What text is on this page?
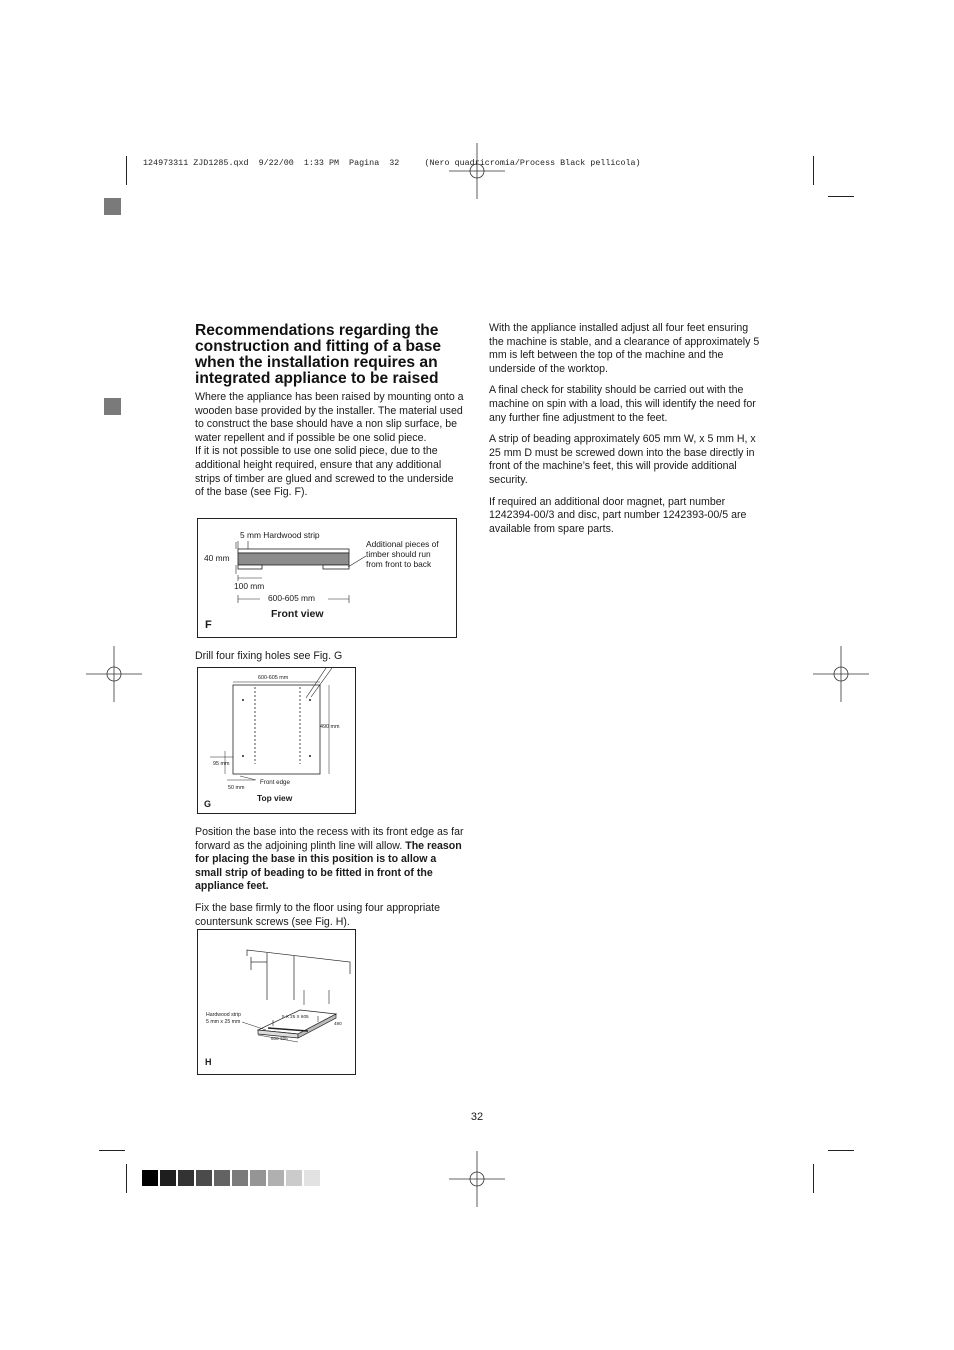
124973311 ZJD1285.qxd  9/22/00  1:33 PM  Pagina  32     (Nero quadricromia/Process Black pellicola)
Recommendations regarding the construction and fitting of a base when the installation requires an integrated appliance to be raised
Where the appliance has been raised by mounting onto a wooden base provided by the installer. The material used to construct the base should have a non slip surface, be water repellent and if possible be one solid piece.
If it is not possible to use one solid piece, due to the additional height required, ensure that any additional strips of timber are glued and screwed to the underside of the base (see Fig. F).
5 mm Hardwood strip
40 mm
100 mm
600-605 mm
Additional pieces of
timber should run
from front to back
Front view
F
Drill four fixing holes see Fig. G
600-605 mm
490 mm
95 mm
50 mm
Front edge
Top view
G

Position the base into the recess with its front edge as far forward as the adjoining plinth line will allow. The reason for placing the base in this position is to allow a small strip of beading to be fitted in front of the appliance feet.

Fix the base firmly to the floor using four appropriate countersunk screws (see Fig. H).

Hardwood strip
5 mm x 25 mm
5 X 25 X 605
600-605
490
H

With the appliance installed adjust all four feet ensuring the machine is stable, and a clearance of approximately 5 mm is left between the top of the machine and the underside of the worktop.

A final check for stability should be carried out with the machine on spin with a load, this will identify the need for any further fine adjustment to the feet.

A strip of beading approximately 605 mm W, x 5 mm H, x 25 mm D must be screwed down into the base directly in front of the machine’s feet, this will provide additional security.

If required an additional door magnet, part number 1242394-00/3 and disc, part number 1242393-00/5 are available from spare parts.

32
